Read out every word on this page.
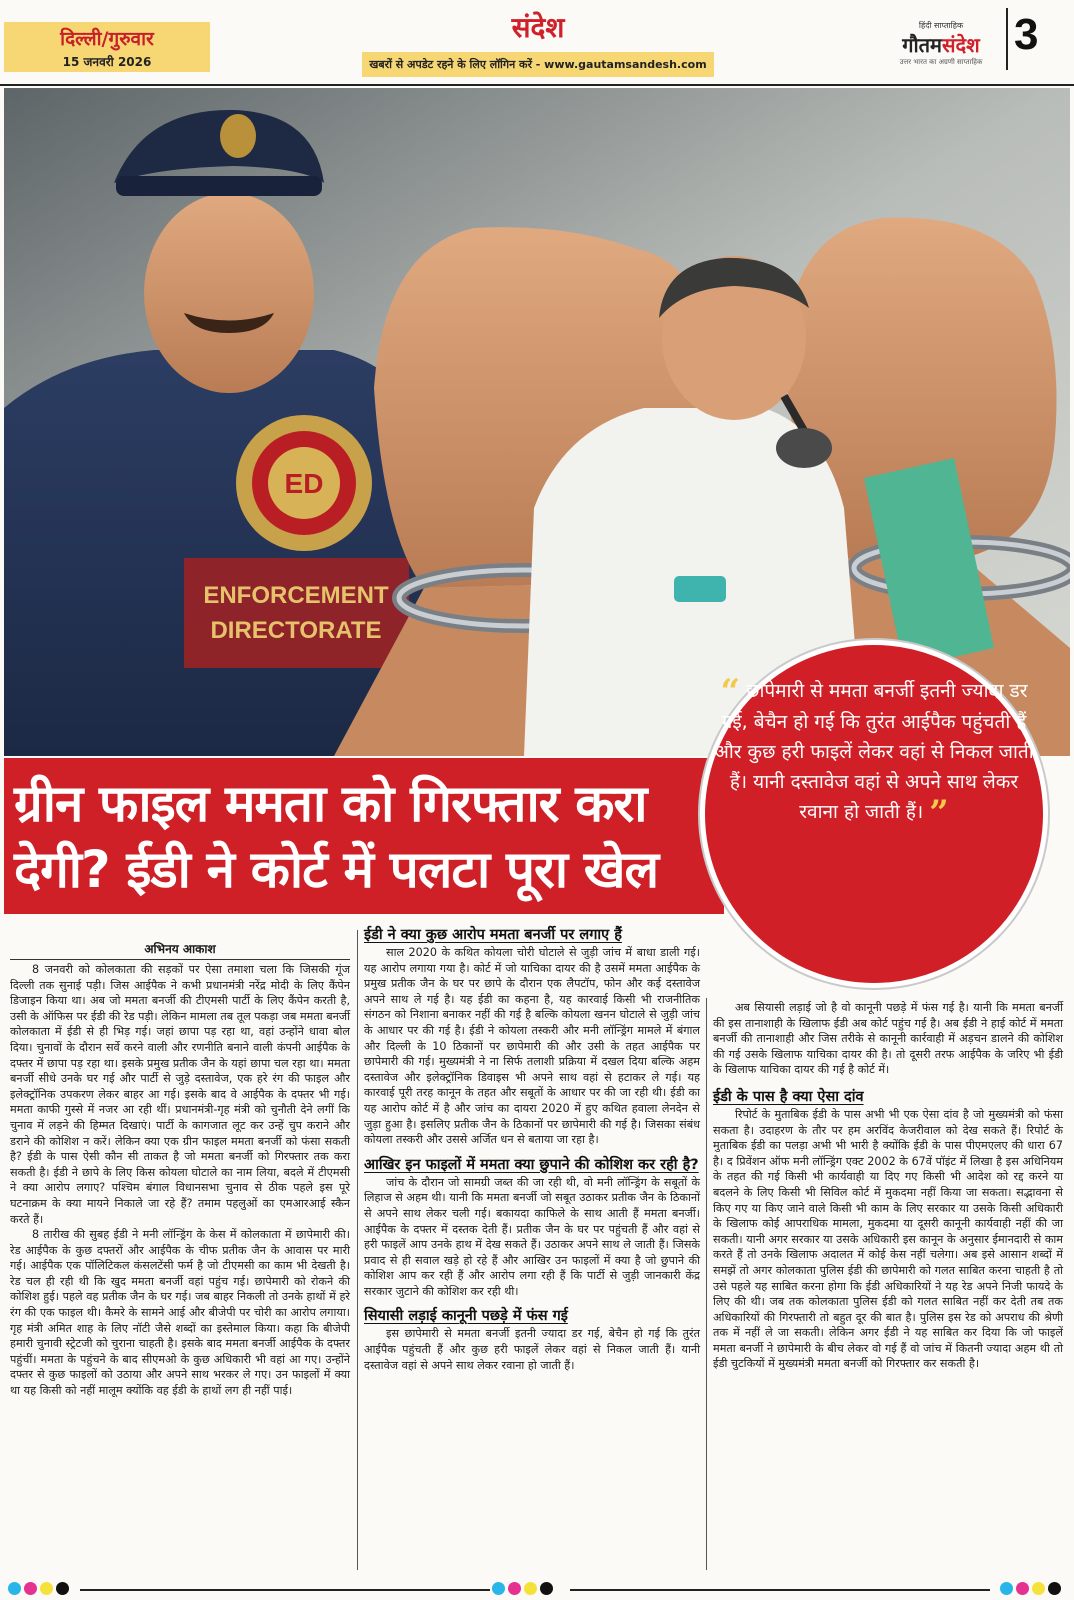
दिल्ली/गुरुवार
15 जनवरी 2026
संदेश
खबरों से अपडेट रहने के लिए लॉगिन करें - www.gautamsandesh.com
हिंदी साप्ताहिक
गौतमसंदेश
उत्तर भारत का अग्रणी साप्ताहिक
3
ED
ENFORCEMENT
DIRECTORATE
ग्रीन फाइल ममता को गिरफ्तार करा
देगी? ईडी ने कोर्ट में पलटा पूरा खेल
“ छापेमारी से ममता बनर्जी इतनी ज्यादा डर गई, बेचैन हो गई कि तुरंत आईपैक पहुंचती हैं और कुछ हरी फाइलें लेकर वहां से निकल जाती हैं। यानी दस्तावेज वहां से अपने साथ लेकर रवाना हो जाती हैं। ”
अभिनय आकाश

8 जनवरी को कोलकाता की सड़कों पर ऐसा तमाशा चला कि जिसकी गूंज दिल्ली तक सुनाई पड़ी। जिस आईपैक ने कभी प्रधानमंत्री नरेंद्र मोदी के लिए कैंपेन डिजाइन किया था। अब जो ममता बनर्जी की टीएमसी पार्टी के लिए कैंपेन करती है, उसी के ऑफिस पर ईडी की रेड पड़ी। लेकिन मामला तब तूल पकड़ा जब ममता बनर्जी कोलकाता में ईडी से ही भिड़ गई। जहां छापा पड़ रहा था, वहां उन्होंने धावा बोल दिया। चुनावों के दौरान सर्वे करने वाली और रणनीति बनाने वाली कंपनी आईपैक के दफ्तर में छापा पड़ रहा था। इसके प्रमुख प्रतीक जैन के यहां छापा चल रहा था। ममता बनर्जी सीधे उनके घर गई और पार्टी से जुड़े दस्तावेज, एक हरे रंग की फाइल और इलेक्ट्रॉनिक उपकरण लेकर बाहर आ गई। इसके बाद वे आईपैक के दफ्तर भी गई। ममता काफी गुस्से में नजर आ रही थीं। प्रधानमंत्री-गृह मंत्री को चुनौती देने लगीं कि चुनाव में लड़ने की हिम्मत दिखाएं। पार्टी के कागजात लूट कर उन्हें चुप कराने और डराने की कोशिश न करें। लेकिन क्या एक ग्रीन फाइल ममता बनर्जी को फंसा सकती है? ईडी के पास ऐसी कौन सी ताकत है जो ममता बनर्जी को गिरफ्तार तक करा सकती है। ईडी ने छापे के लिए किस कोयला घोटाले का नाम लिया, बदले में टीएमसी ने क्या आरोप लगाए? पश्चिम बंगाल विधानसभा चुनाव से ठीक पहले इस पूरे घटनाक्रम के क्या मायने निकाले जा रहे हैं? तमाम पहलुओं का एमआरआई स्कैन करते हैं।

8 तारीख की सुबह ईडी ने मनी लॉन्ड्रिंग के केस में कोलकाता में छापेमारी की। रेड आईपैक के कुछ दफ्तरों और आईपैक के चीफ प्रतीक जैन के आवास पर मारी गई। आईपैक एक पॉलिटिकल कंसलटेंसी फर्म है जो टीएमसी का काम भी देखती है। रेड चल ही रही थी कि खुद ममता बनर्जी वहां पहुंच गई। छापेमारी को रोकने की कोशिश हुई। पहले वह प्रतीक जैन के घर गई। जब बाहर निकली तो उनके हाथों में हरे रंग की एक फाइल थी। कैमरे के सामने आई और बीजेपी पर चोरी का आरोप लगाया। गृह मंत्री अमित शाह के लिए नॉटी जैसे शब्दों का इस्तेमाल किया। कहा कि बीजेपी हमारी चुनावी स्ट्रेटजी को चुराना चाहती है। इसके बाद ममता बनर्जी आईपैक के दफ्तर पहुंचीं। ममता के पहुंचने के बाद सीएमओ के कुछ अधिकारी भी वहां आ गए। उन्होंने दफ्तर से कुछ फाइलों को उठाया और अपने साथ भरकर ले गए। उन फाइलों में क्या था यह किसी को नहीं मालूम क्योंकि वह ईडी के हाथों लग ही नहीं पाई।

ईडी ने क्या कुछ आरोप ममता बनर्जी पर लगाए हैं

साल 2020 के कथित कोयला चोरी घोटाले से जुड़ी जांच में बाधा डाली गई। यह आरोप लगाया गया है। कोर्ट में जो याचिका दायर की है उसमें ममता आईपैक के प्रमुख प्रतीक जैन के घर पर छापे के दौरान एक लैपटॉप, फोन और कई दस्तावेज अपने साथ ले गई है। यह ईडी का कहना है, यह कारवाई किसी भी राजनीतिक संगठन को निशाना बनाकर नहीं की गई है बल्कि कोयला खनन घोटाले से जुड़ी जांच के आधार पर की गई है। ईडी ने कोयला तस्करी और मनी लॉन्ड्रिंग मामले में बंगाल और दिल्ली के 10 ठिकानों पर छापेमारी की और उसी के तहत आईपैक पर छापेमारी की गई। मुख्यमंत्री ने ना सिर्फ तलाशी प्रक्रिया में दखल दिया बल्कि अहम दस्तावेज और इलेक्ट्रॉनिक डिवाइस भी अपने साथ वहां से हटाकर ले गई। यह कारवाई पूरी तरह कानून के तहत और सबूतों के आधार पर की जा रही थी। ईडी का यह आरोप कोर्ट में है और जांच का दायरा 2020 में हुए कथित हवाला लेनदेन से जुड़ा हुआ है। इसलिए प्रतीक जैन के ठिकानों पर छापेमारी की गई है। जिसका संबंध कोयला तस्करी और उससे अर्जित धन से बताया जा रहा है।

आखिर इन फाइलों में ममता क्या छुपाने की कोशिश कर रही है?

जांच के दौरान जो सामग्री जब्त की जा रही थी, वो मनी लॉन्ड्रिंग के सबूतों के लिहाज से अहम थी। यानी कि ममता बनर्जी जो सबूत उठाकर प्रतीक जैन के ठिकानों से अपने साथ लेकर चली गई। बकायदा काफिले के साथ आती हैं ममता बनर्जी। आईपैक के दफ्तर में दस्तक देती हैं। प्रतीक जैन के घर पर पहुंचती हैं और वहां से हरी फाइलें आप उनके हाथ में देख सकते हैं। उठाकर अपने साथ ले जाती हैं। जिसके प्रवाद से ही सवाल खड़े हो रहे हैं और आखिर उन फाइलों में क्या है जो छुपाने की कोशिश आप कर रही हैं और आरोप लगा रही हैं कि पार्टी से जुड़ी जानकारी केंद्र सरकार जुटाने की कोशिश कर रही थी।

सियासी लड़ाई कानूनी पछड़े में फंस गई

इस छापेमारी से ममता बनर्जी इतनी ज्यादा डर गई, बेचैन हो गई कि तुरंत आईपैक पहुंचती हैं और कुछ हरी फाइलें लेकर वहां से निकल जाती हैं। यानी दस्तावेज वहां से अपने साथ लेकर रवाना हो जाती हैं।

अब सियासी लड़ाई जो है वो कानूनी पछड़े में फंस गई है। यानी कि ममता बनर्जी की इस तानाशाही के खिलाफ ईडी अब कोर्ट पहुंच गई है। अब ईडी ने हाई कोर्ट में ममता बनर्जी की तानाशाही और जिस तरीके से कानूनी कार्रवाही में अड़चन डालने की कोशिश की गई उसके खिलाफ याचिका दायर की है। तो दूसरी तरफ आईपैक के जरिए भी ईडी के खिलाफ याचिका दायर की गई है कोर्ट में।

ईडी के पास है क्या ऐसा दांव

रिपोर्ट के मुताबिक ईडी के पास अभी भी एक ऐसा दांव है जो मुख्यमंत्री को फंसा सकता है। उदाहरण के तौर पर हम अरविंद केजरीवाल को देख सकते हैं। रिपोर्ट के मुताबिक ईडी का पलड़ा अभी भी भारी है क्योंकि ईडी के पास पीएमएलए की धारा 67 है। द प्रिवेंशन ऑफ मनी लॉन्ड्रिंग एक्ट 2002 के 67वें पॉइंट में लिखा है इस अधिनियम के तहत की गई किसी भी कार्यवाही या दिए गए किसी भी आदेश को रद्द करने या बदलने के लिए किसी भी सिविल कोर्ट में मुकदमा नहीं किया जा सकता। सद्भावना से किए गए या किए जाने वाले किसी भी काम के लिए सरकार या उसके किसी अधिकारी के खिलाफ कोई आपराधिक मामला, मुकदमा या दूसरी कानूनी कार्यवाही नहीं की जा सकती। यानी अगर सरकार या उसके अधिकारी इस कानून के अनुसार ईमानदारी से काम करते हैं तो उनके खिलाफ अदालत में कोई केस नहीं चलेगा। अब इसे आसान शब्दों में समझें तो अगर कोलकाता पुलिस ईडी की छापेमारी को गलत साबित करना चाहती है तो उसे पहले यह साबित करना होगा कि ईडी अधिकारियों ने यह रेड अपने निजी फायदे के लिए की थी। जब तक कोलकाता पुलिस ईडी को गलत साबित नहीं कर देती तब तक अधिकारियों की गिरफ्तारी तो बहुत दूर की बात है। पुलिस इस रेड को अपराध की श्रेणी तक में नहीं ले जा सकती। लेकिन अगर ईडी ने यह साबित कर दिया कि जो फाइलें ममता बनर्जी ने छापेमारी के बीच लेकर वो गई हैं वो जांच में कितनी ज्यादा अहम थी तो ईडी चुटकियों में मुख्यमंत्री ममता बनर्जी को गिरफ्तार कर सकती है।
